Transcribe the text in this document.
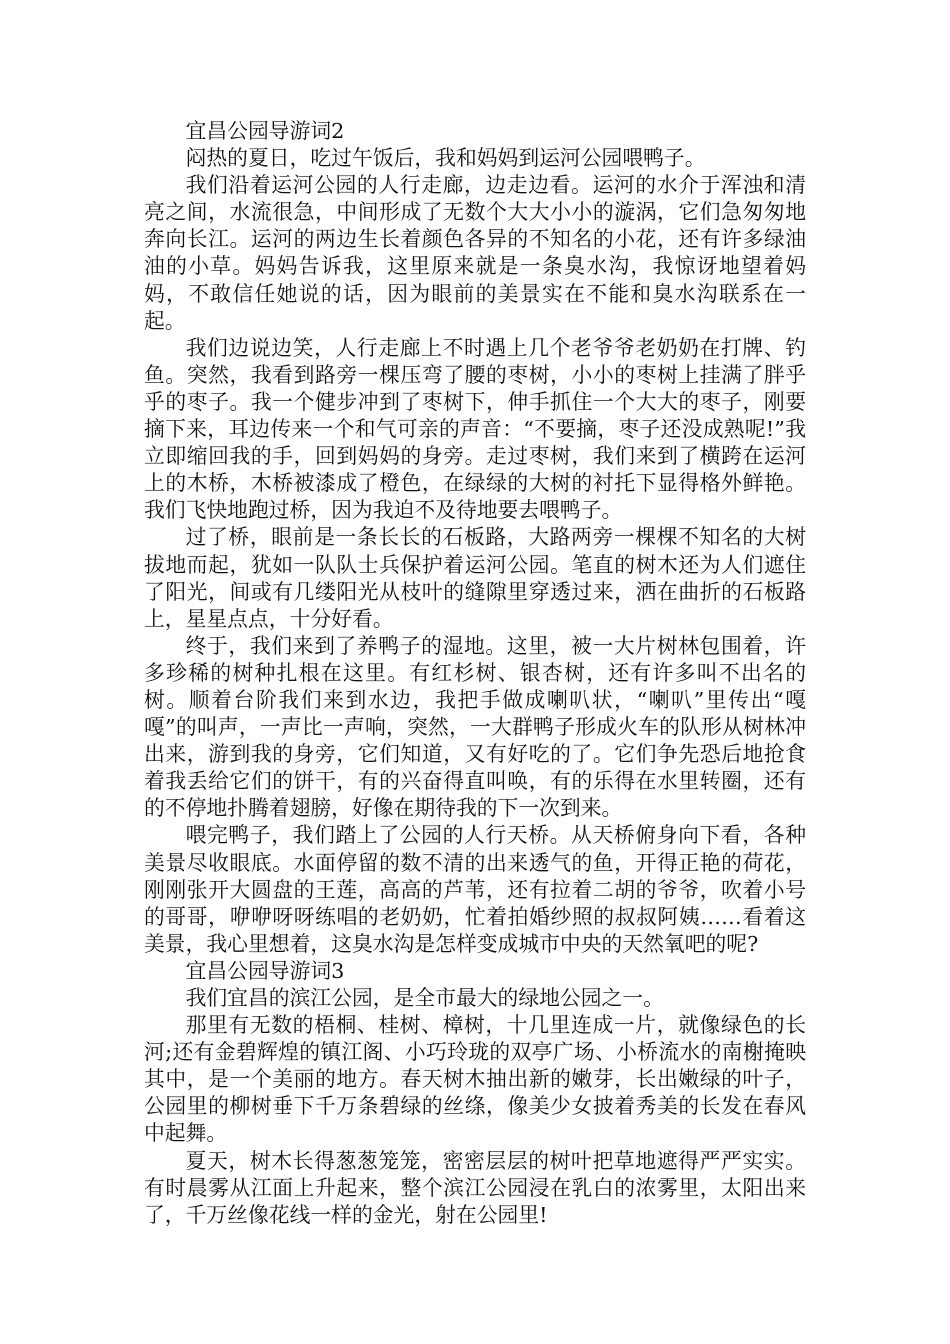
宜昌公园导游词2

闷热的夏日，吃过午饭后，我和妈妈到运河公园喂鸭子。

我们沿着运河公园的人行走廊，边走边看。运河的水介于浑浊和清亮之间，水流很急，中间形成了无数个大大小小的漩涡，它们急匆匆地奔向长江。运河的两边生长着颜色各异的不知名的小花，还有许多绿油油的小草。妈妈告诉我，这里原来就是一条臭水沟，我惊讶地望着妈妈，不敢信任她说的话，因为眼前的美景实在不能和臭水沟联系在一起。

我们边说边笑，人行走廊上不时遇上几个老爷爷老奶奶在打牌、钓鱼。突然，我看到路旁一棵压弯了腰的枣树，小小的枣树上挂满了胖乎乎的枣子。我一个健步冲到了枣树下，伸手抓住一个大大的枣子，刚要摘下来，耳边传来一个和气可亲的声音：“不要摘，枣子还没成熟呢!”我立即缩回我的手，回到妈妈的身旁。走过枣树，我们来到了横跨在运河上的木桥，木桥被漆成了橙色，在绿绿的大树的衬托下显得格外鲜艳。我们飞快地跑过桥，因为我迫不及待地要去喂鸭子。

过了桥，眼前是一条长长的石板路，大路两旁一棵棵不知名的大树拔地而起，犹如一队队士兵保护着运河公园。笔直的树木还为人们遮住了阳光，间或有几缕阳光从枝叶的缝隙里穿透过来，洒在曲折的石板路上，星星点点，十分好看。

终于，我们来到了养鸭子的湿地。这里，被一大片树林包围着，许多珍稀的树种扎根在这里。有红杉树、银杏树，还有许多叫不出名的树。顺着台阶我们来到水边，我把手做成喇叭状，“喇叭”里传出“嘎嘎”的叫声，一声比一声响，突然，一大群鸭子形成火车的队形从树林冲出来，游到我的身旁，它们知道，又有好吃的了。它们争先恐后地抢食着我丢给它们的饼干，有的兴奋得直叫唤，有的乐得在水里转圈，还有的不停地扑腾着翅膀，好像在期待我的下一次到来。

喂完鸭子，我们踏上了公园的人行天桥。从天桥俯身向下看，各种美景尽收眼底。水面停留的数不清的出来透气的鱼，开得正艳的荷花，刚刚张开大圆盘的王莲，高高的芦苇，还有拉着二胡的爷爷，吹着小号的哥哥，咿咿呀呀练唱的老奶奶，忙着拍婚纱照的叔叔阿姨……看着这美景，我心里想着，这臭水沟是怎样变成城市中央的天然氧吧的呢?

宜昌公园导游词3

我们宜昌的滨江公园，是全市最大的绿地公园之一。

那里有无数的梧桐、桂树、樟树，十几里连成一片，就像绿色的长河;还有金碧辉煌的镇江阁、小巧玲珑的双亭广场、小桥流水的南榭掩映其中，是一个美丽的地方。春天树木抽出新的嫩芽，长出嫩绿的叶子，公园里的柳树垂下千万条碧绿的丝绦，像美少女披着秀美的长发在春风中起舞。

夏天，树木长得葱葱笼笼，密密层层的树叶把草地遮得严严实实。有时晨雾从江面上升起来，整个滨江公园浸在乳白的浓雾里，太阳出来了，千万丝像花线一样的金光，射在公园里!
